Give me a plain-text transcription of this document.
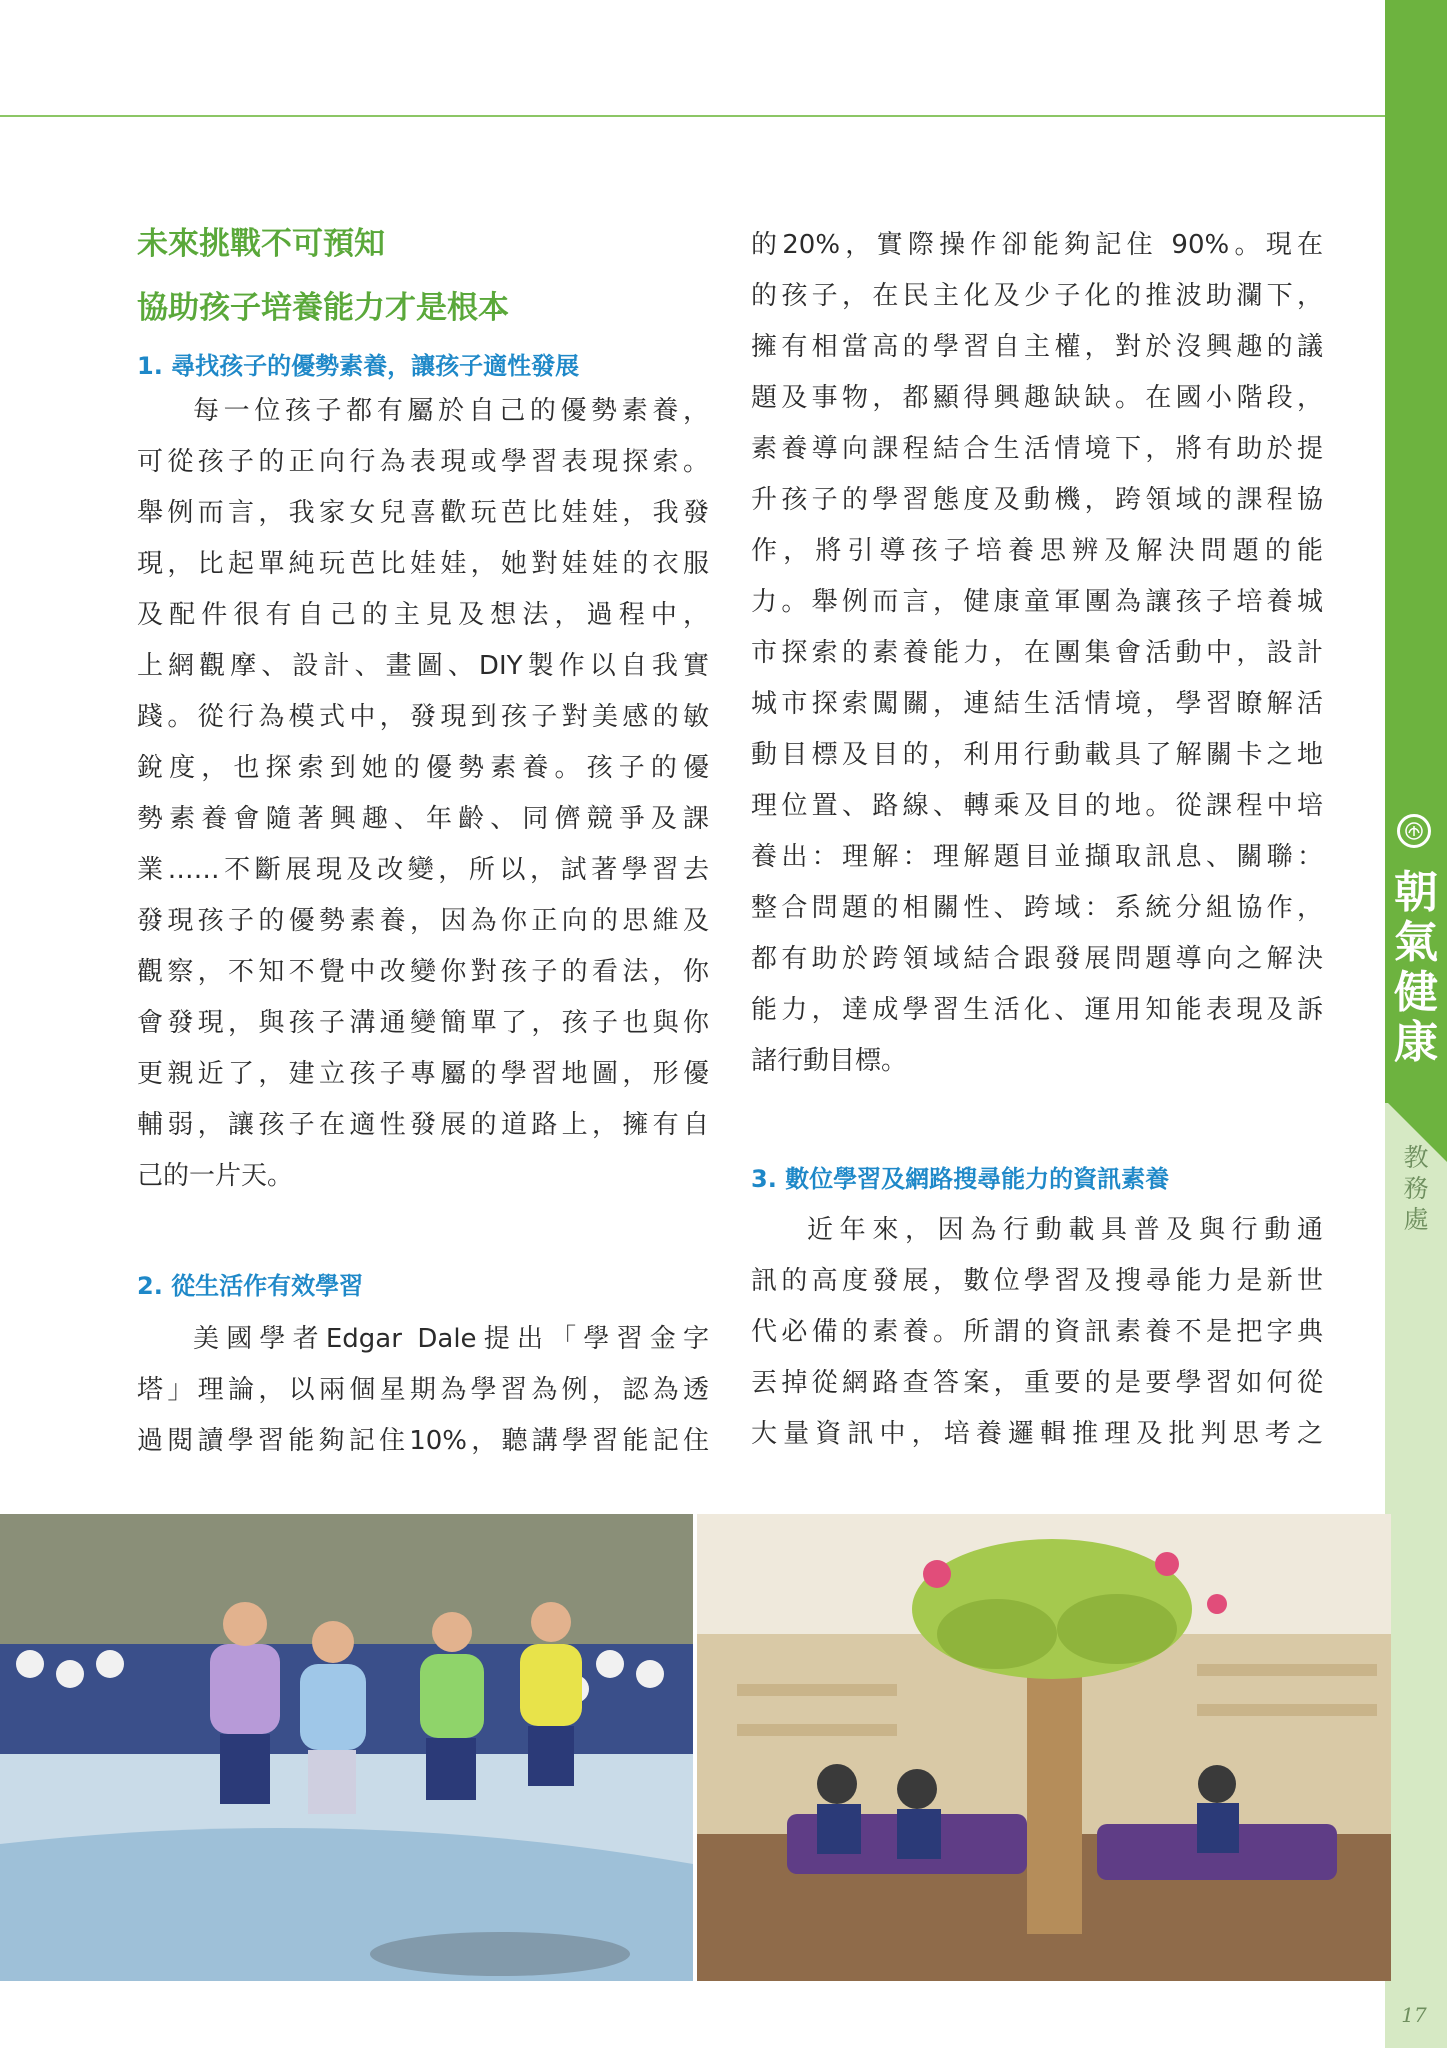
朝
氣
健
康
教
務
處
未來挑戰不可預知
協助孩子培養能力才是根本
1. 尋找孩子的優勢素養，讓孩子適性發展
每一位孩子都有屬於自己的優勢素養，
可從孩子的正向行為表現或學習表現探索。
舉例而言，我家女兒喜歡玩芭比娃娃，我發
現，比起單純玩芭比娃娃，她對娃娃的衣服
及配件很有自己的主見及想法，過程中，
上網觀摩、設計、畫圖、DIY製作以自我實
踐。從行為模式中，發現到孩子對美感的敏
銳度，也探索到她的優勢素養。孩子的優
勢素養會隨著興趣、年齡、同儕競爭及課
業……不斷展現及改變，所以，試著學習去
發現孩子的優勢素養，因為你正向的思維及
觀察，不知不覺中改變你對孩子的看法，你
會發現，與孩子溝通變簡單了，孩子也與你
更親近了，建立孩子專屬的學習地圖，形優
輔弱，讓孩子在適性發展的道路上，擁有自
己的一片天。
2. 從生活作有效學習
美國學者Edgar Dale提出「學習金字
塔」理論，以兩個星期為學習為例，認為透
過閱讀學習能夠記住10%，聽講學習能記住
的20%，實際操作卻能夠記住 90%。現在
的孩子，在民主化及少子化的推波助瀾下，
擁有相當高的學習自主權，對於沒興趣的議
題及事物，都顯得興趣缺缺。在國小階段，
素養導向課程結合生活情境下，將有助於提
升孩子的學習態度及動機，跨領域的課程協
作，將引導孩子培養思辨及解決問題的能
力。舉例而言，健康童軍團為讓孩子培養城
市探索的素養能力，在團集會活動中，設計
城市探索闖關，連結生活情境，學習瞭解活
動目標及目的，利用行動載具了解關卡之地
理位置、路線、轉乘及目的地。從課程中培
養出：理解：理解題目並擷取訊息、關聯：
整合問題的相關性、跨域：系統分組協作，
都有助於跨領域結合跟發展問題導向之解決
能力，達成學習生活化、運用知能表現及訴
諸行動目標。
3. 數位學習及網路搜尋能力的資訊素養
近年來，因為行動載具普及與行動通
訊的高度發展，數位學習及搜尋能力是新世
代必備的素養。所謂的資訊素養不是把字典
丟掉從網路查答案，重要的是要學習如何從
大量資訊中，培養邏輯推理及批判思考之
17
